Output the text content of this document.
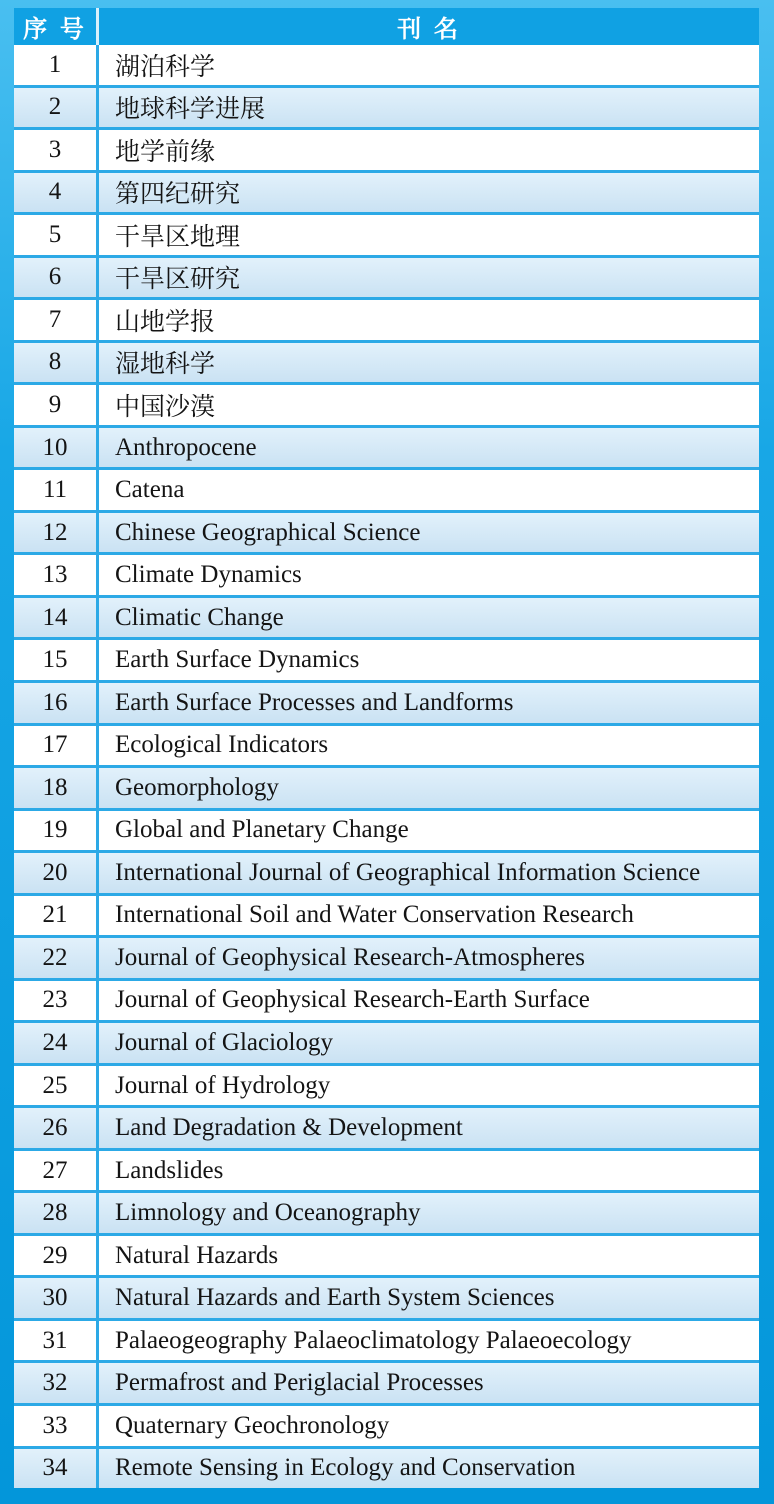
序 号	刊 名
1	湖泊科学
2	地球科学进展
3	地学前缘
4	第四纪研究
5	干旱区地理
6	干旱区研究
7	山地学报
8	湿地科学
9	中国沙漠
10	Anthropocene
11	Catena
12	Chinese Geographical Science
13	Climate Dynamics
14	Climatic Change
15	Earth Surface Dynamics
16	Earth Surface Processes and Landforms
17	Ecological Indicators
18	Geomorphology
19	Global and Planetary Change
20	International Journal of Geographical Information Science
21	International Soil and Water Conservation Research
22	Journal of Geophysical Research-Atmospheres
23	Journal of Geophysical Research-Earth Surface
24	Journal of Glaciology
25	Journal of Hydrology
26	Land Degradation & Development
27	Landslides
28	Limnology and Oceanography
29	Natural Hazards
30	Natural Hazards and Earth System Sciences
31	Palaeogeography Palaeoclimatology Palaeoecology
32	Permafrost and Periglacial Processes
33	Quaternary Geochronology
34	Remote Sensing in Ecology and Conservation
